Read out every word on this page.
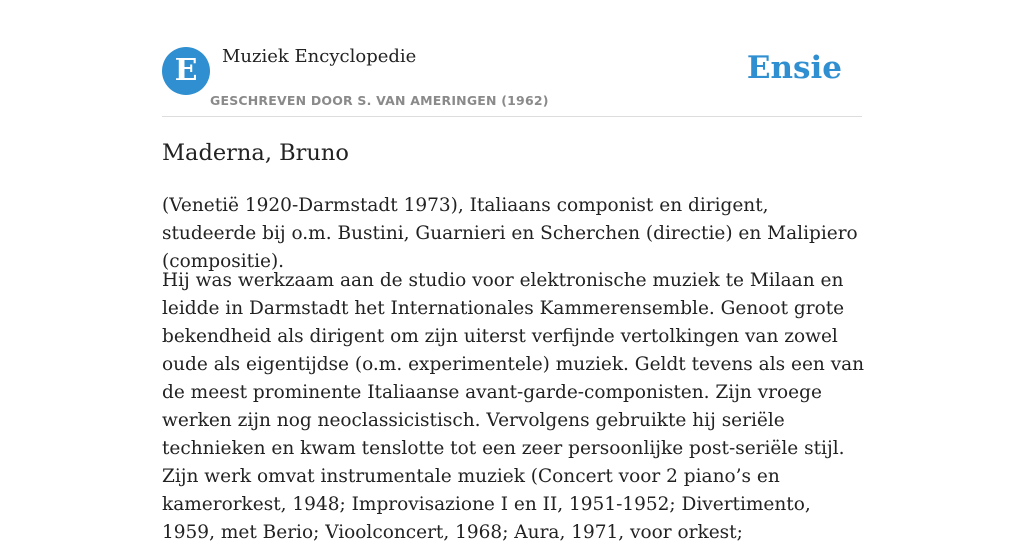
E	Muziek Encyclopedie
GESCHREVEN DOOR S. VAN AMERINGEN (1962)
Ensie
Maderna, Bruno

(Venetië 1920-Darmstadt 1973), Italiaans componist en dirigent, studeerde bij o.m. Bustini, Guarnieri en Scherchen (directie) en Malipiero (compositie).

Hij was werkzaam aan de studio voor elektronische muziek te Milaan en leidde in Darmstadt het Internationales Kammerensemble. Genoot grote bekendheid als dirigent om zijn uiterst verfijnde vertolkingen van zowel oude als eigentijdse (o.m. experimentele) muziek. Geldt tevens als een van de meest prominente Italiaanse avant-garde-componisten. Zijn vroege werken zijn nog neoclassicistisch. Vervolgens gebruikte hij seriële technieken en kwam tenslotte tot een zeer persoonlijke post-seriële stijl. Zijn werk omvat instrumentale muziek (Concert voor 2 piano’s en kamerorkest, 1948; Improvisazione I en II, 1951-1952; Divertimento, 1959, met Berio; Vioolconcert, 1968; Aura, 1971, voor orkest;
